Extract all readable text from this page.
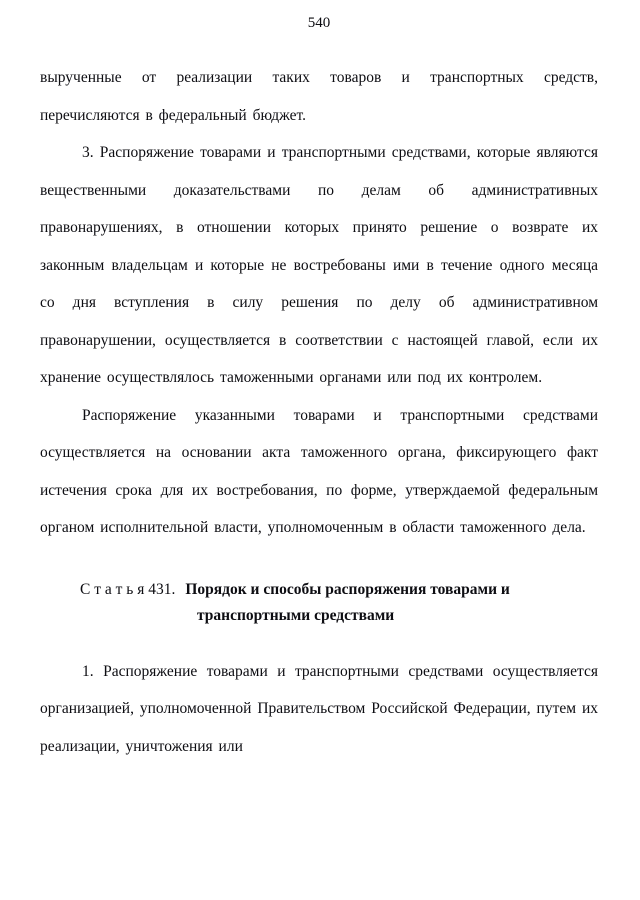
540

вырученные от реализации таких товаров и транспортных средств, перечисляются в федеральный бюджет.

3. Распоряжение товарами и транспортными средствами, которые являются вещественными доказательствами по делам об административных правонарушениях, в отношении которых принято решение о возврате их законным владельцам и которые не востребованы ими в течение одного месяца со дня вступления в силу решения по делу об административном правонарушении, осуществляется в соответствии с настоящей главой, если их хранение осуществлялось таможенными органами или под их контролем.

Распоряжение указанными товарами и транспортными средствами осуществляется на основании акта таможенного органа, фиксирующего факт истечения срока для их востребования, по форме, утверждаемой федеральным органом исполнительной власти, уполномоченным в области таможенного дела.

С т а т ь я 431. Порядок и способы распоряжения товарами и транспортными средствами

1. Распоряжение товарами и транспортными средствами осуществляется организацией, уполномоченной Правительством Российской Федерации, путем их реализации, уничтожения или
